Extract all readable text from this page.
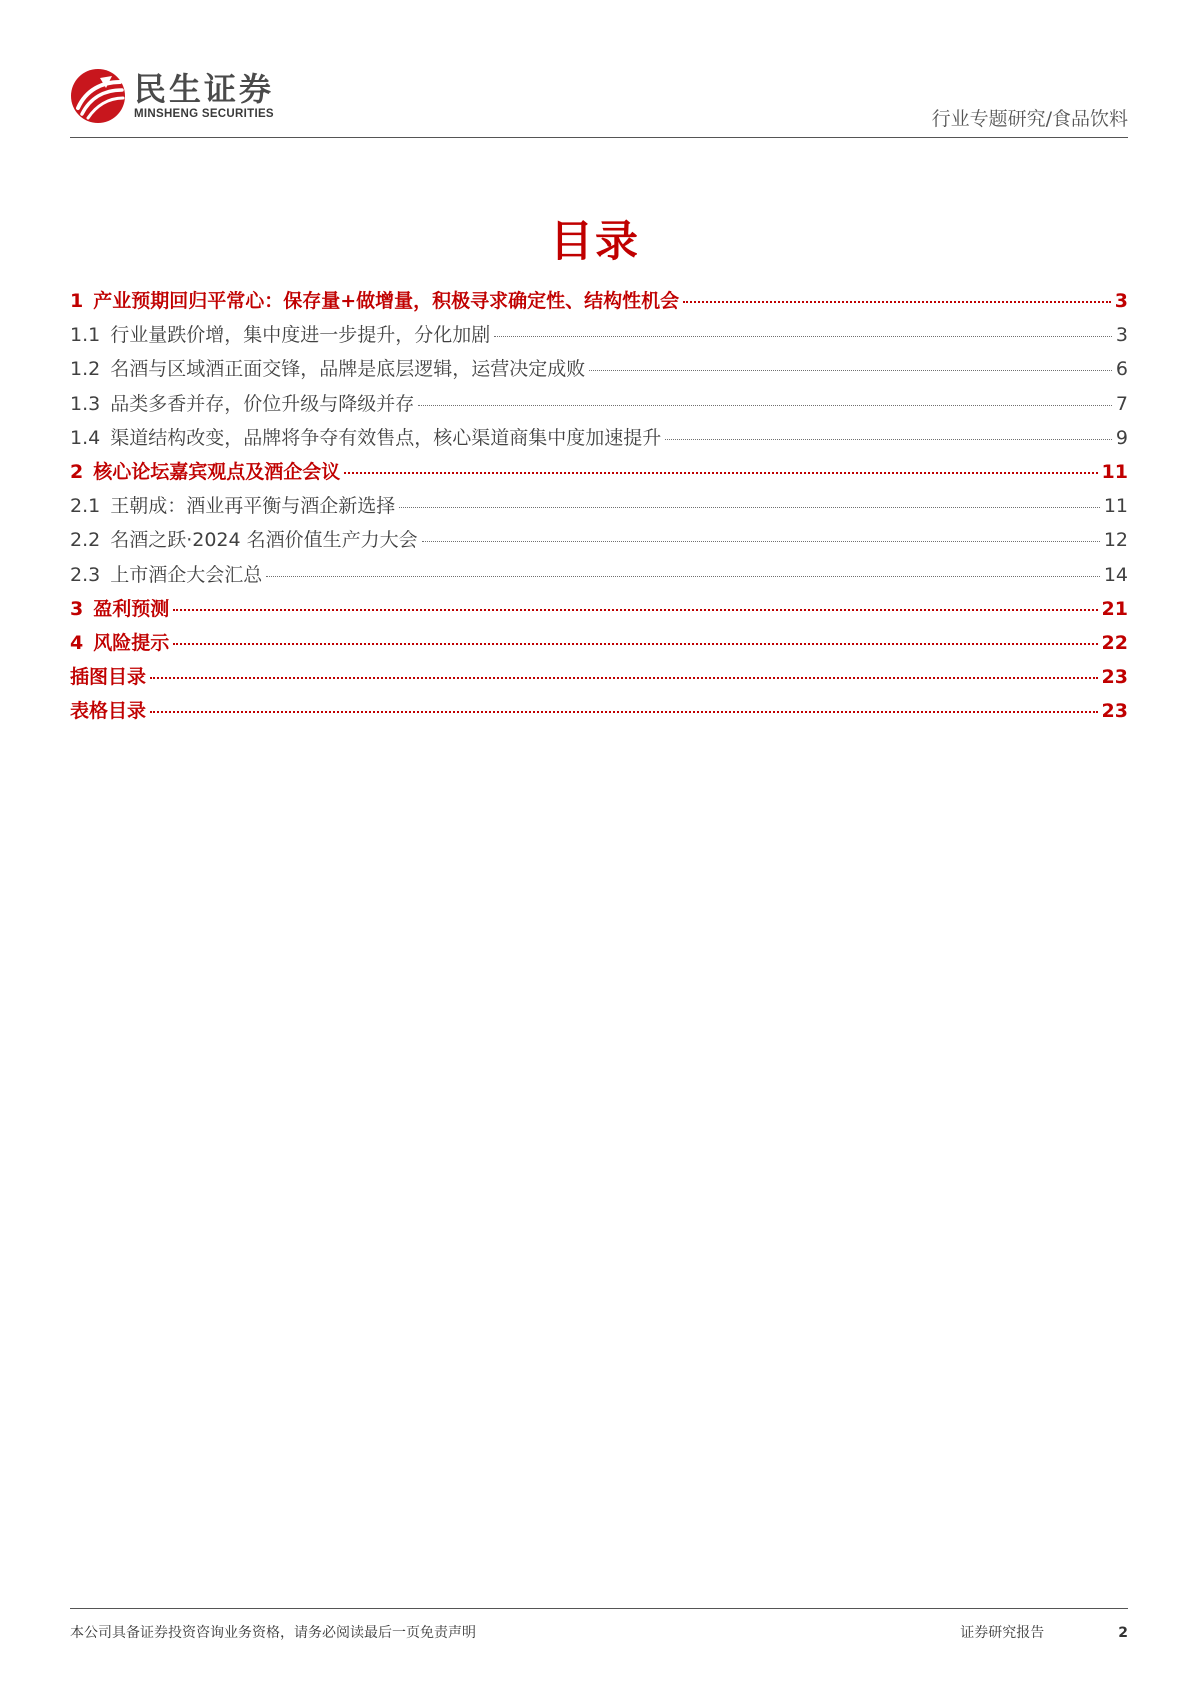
民生证券
MINSHENG SECURITIES	行业专题研究/食品饮料
目录
1 产业预期回归平常心：保存量+做增量，积极寻求确定性、结构性机会	3
1.1 行业量跌价增，集中度进一步提升，分化加剧	3
1.2 名酒与区域酒正面交锋，品牌是底层逻辑，运营决定成败	6
1.3 品类多香并存，价位升级与降级并存	7
1.4 渠道结构改变，品牌将争夺有效售点，核心渠道商集中度加速提升	9
2 核心论坛嘉宾观点及酒企会议	11
2.1 王朝成：酒业再平衡与酒企新选择	11
2.2 名酒之跃·2024 名酒价值生产力大会	12
2.3 上市酒企大会汇总	14
3 盈利预测	21
4 风险提示	22
插图目录	23
表格目录	23
本公司具备证券投资咨询业务资格，请务必阅读最后一页免责声明	证券研究报告	2
